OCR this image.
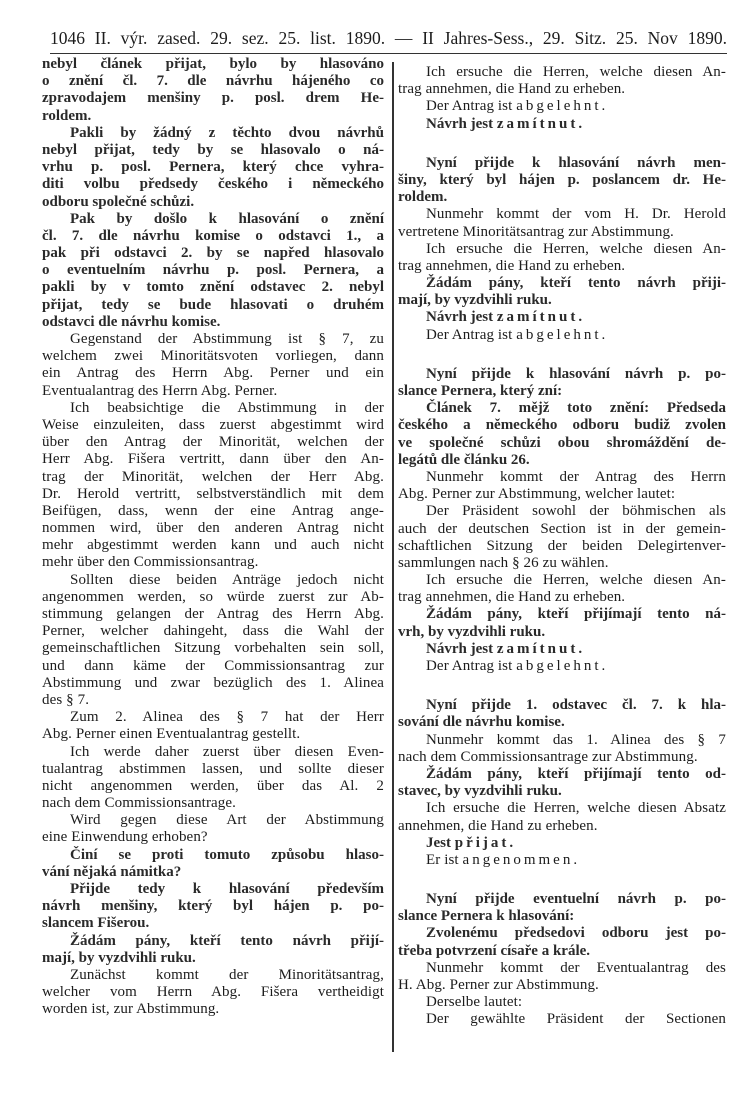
1046 II. výr. zased. 29. sez. 25. list. 1890. — II Jahres-Sess., 29. Sitz. 25. Nov 1890.
nebyl článek přijat, bylo by hlasováno
o znění čl. 7. dle návrhu hájeného co
zpravodajem menšiny p. posl. drem He-
roldem.
Pakli by žádný z těchto dvou návrhů
nebyl přijat, tedy by se hlasovalo o ná-
vrhu p. posl. Pernera, který chce vyhra-
diti volbu předsedy českého i německého
odboru společné schůzi.
Pak by došlo k hlasování o znění
čl. 7. dle návrhu komise o odstavci 1., a
pak při odstavci 2. by se napřed hlasovalo
o eventuelním návrhu p. posl. Pernera, a
pakli by v tomto znění odstavec 2. nebyl
přijat, tedy se bude hlasovati o druhém
odstavci dle návrhu komise.
Gegenstand der Abstimmung ist § 7, zu
welchem zwei Minoritätsvoten vorliegen, dann
ein Antrag des Herrn Abg. Perner und ein
Eventualantrag des Herrn Abg. Perner.
Ich beabsichtige die Abstimmung in der
Weise einzuleiten, dass zuerst abgestimmt wird
über den Antrag der Minorität, welchen der
Herr Abg. Fišera vertritt, dann über den An-
trag der Minorität, welchen der Herr Abg.
Dr. Herold vertritt, selbstverständlich mit dem
Beifügen, dass, wenn der eine Antrag ange-
nommen wird, über den anderen Antrag nicht
mehr abgestimmt werden kann und auch nicht
mehr über den Commissionsantrag.
Sollten diese beiden Anträge jedoch nicht
angenommen werden, so würde zuerst zur Ab-
stimmung gelangen der Antrag des Herrn Abg.
Perner, welcher dahingeht, dass die Wahl der
gemeinschaftlichen Sitzung vorbehalten sein soll,
und dann käme der Commissionsantrag zur
Abstimmung und zwar bezüglich des 1. Alinea
des § 7.
Zum 2. Alinea des § 7 hat der Herr
Abg. Perner einen Eventualantrag gestellt.
Ich werde daher zuerst über diesen Even-
tualantrag abstimmen lassen, und sollte dieser
nicht angenommen werden, über das Al. 2
nach dem Commissionsantrage.
Wird gegen diese Art der Abstimmung
eine Einwendung erhoben?
Činí se proti tomuto způsobu hlaso-
vání nějaká námitka?
Přijde tedy k hlasování především
návrh menšiny, který byl hájen p. po-
slancem Fišerou.
Žádám pány, kteří tento návrh přijí-
mají, by vyzdvihli ruku.
Zunächst kommt der Minoritätsantrag,
welcher vom Herrn Abg. Fišera vertheidigt
worden ist, zur Abstimmung.
Ich ersuche die Herren, welche diesen An-
trag annehmen, die Hand zu erheben.
Der Antrag ist abgelehnt.
Návrh jest zamítnut.
Nyní přijde k hlasování návrh men-
šiny, který byl hájen p. poslancem dr. He-
roldem.
Nunmehr kommt der vom H. Dr. Herold
vertretene Minoritätsantrag zur Abstimmung.
Ich ersuche die Herren, welche diesen An-
trag annehmen, die Hand zu erheben.
Žádám pány, kteří tento návrh přiji-
mají, by vyzdvihli ruku.
Návrh jest zamítnut.
Der Antrag ist abgelehnt.
Nyní přijde k hlasování návrh p. po-
slance Pernera, který zní:
Článek 7. mějž toto znění: Předseda
českého a německého odboru budiž zvolen
ve společné schůzi obou shromáždění de-
legátů dle článku 26.
Nunmehr kommt der Antrag des Herrn
Abg. Perner zur Abstimmung, welcher lautet:
Der Präsident sowohl der böhmischen als
auch der deutschen Section ist in der gemein-
schaftlichen Sitzung der beiden Delegirtenver-
sammlungen nach § 26 zu wählen.
Ich ersuche die Herren, welche diesen An-
trag annehmen, die Hand zu erheben.
Žádám pány, kteří přijímají tento ná-
vrh, by vyzdvihli ruku.
Návrh jest zamítnut.
Der Antrag ist abgelehnt.
Nyní přijde 1. odstavec čl. 7. k hla-
sování dle návrhu komise.
Nunmehr kommt das 1. Alinea des § 7
nach dem Commissionsantrage zur Abstimmung.
Žádám pány, kteří přijímají tento od-
stavec, by vyzdvihli ruku.
Ich ersuche die Herren, welche diesen Absatz
annehmen, die Hand zu erheben.
Jest přijat.
Er ist angenommen.
Nyní přijde eventuelní návrh p. po-
slance Pernera k hlasování:
Zvolenému předsedovi odboru jest po-
třeba potvrzení císaře a krále.
Nunmehr kommt der Eventualantrag des
H. Abg. Perner zur Abstimmung.
Derselbe lautet:
Der gewählte Präsident der Sectionen
